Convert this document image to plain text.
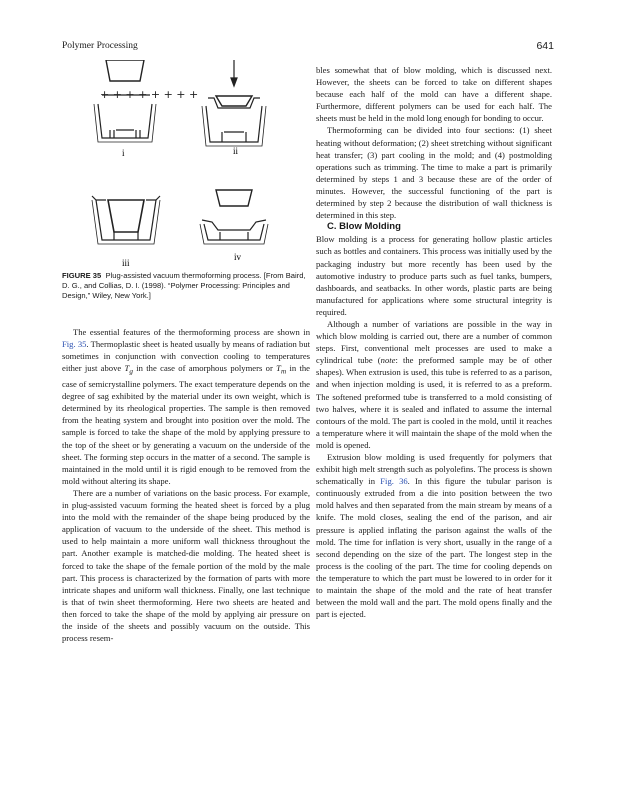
Polymer Processing	641
+ + + + + + + +
i	ii
iii
iv
FIGURE 35 Plug-assisted vacuum thermoforming process. [From Baird, D. G., and Collias, D. I. (1998). “Polymer Processing: Principles and Design,” Wiley, New York.]

The essential features of the thermoforming process are shown in Fig. 35. Thermoplastic sheet is heated usually by means of radiation but sometimes in conjunction with convection cooling to temperatures either just above $T_g$ in the case of amorphous polymers or $T_m$ in the case of semicrystalline polymers. The exact temperature depends on the degree of sag exhibited by the material under its own weight, which is determined by its rheological properties. The sample is then removed from the heating system and brought into position over the mold. The sample is forced to take the shape of the mold by applying pressure to the top of the sheet or by generating a vacuum on the underside of the sheet. The forming step occurs in the matter of a second. The sample is maintained in the mold until it is rigid enough to be removed from the mold without altering its shape.

There are a number of variations on the basic process. For example, in plug-assisted vacuum forming the heated sheet is forced by a plug into the mold with the remainder of the shape being produced by the application of vacuum to the underside of the sheet. This method is used to help maintain a more uniform wall thickness throughout the part. Another example is matched-die molding. The heated sheet is forced to take the shape of the female portion of the mold by the male part. This process is characterized by the formation of parts with more intricate shapes and uniform wall thickness. Finally, one last technique is that of twin sheet thermoforming. Here two sheets are heated and then forced to take the shape of the mold by applying air pressure on the inside of the sheets and possibly vacuum on the outside. This process resem-

bles somewhat that of blow molding, which is discussed next. However, the sheets can be forced to take on different shapes because each half of the mold can have a different shape. Furthermore, different polymers can be used for each half. The sheets must be held in the mold long enough for bonding to occur.

Thermoforming can be divided into four sections: (1) sheet heating without deformation; (2) sheet stretching without significant heat transfer; (3) part cooling in the mold; and (4) postmolding operations such as trimming. The time to make a part is primarily determined by steps 1 and 3 because these are of the order of minutes. However, the successful functioning of the part is determined by step 2 because the distribution of wall thickness is determined in this step.

C. Blow Molding

Blow molding is a process for generating hollow plastic articles such as bottles and containers. This process was initially used by the packaging industry but more recently has been used by the automotive industry to produce parts such as fuel tanks, bumpers, dashboards, and seatbacks. In other words, plastic parts are being manufactured for applications where some structural integrity is required.

Although a number of variations are possible in the way in which blow molding is carried out, there are a number of common steps. First, conventional melt processes are used to make a cylindrical tube (note: the preformed sample may be of other shapes). When extrusion is used, this tube is referred to as a parison, and when injection molding is used, it is referred to as a preform. The softened preformed tube is transferred to a mold consisting of two halves, where it is sealed and inflated to assume the internal contours of the mold. The part is cooled in the mold, until it reaches a temperature where it will maintain the shape of the mold when the mold is opened.

Extrusion blow molding is used frequently for polymers that exhibit high melt strength such as polyolefins. The process is shown schematically in Fig. 36. In this figure the tubular parison is continuously extruded from a die into position between the two mold halves and then separated from the main stream by means of a knife. The mold closes, sealing the end of the parison, and air pressure is applied inflating the parison against the walls of the mold. The time for inflation is very short, usually in the range of a second depending on the size of the part. The longest step in the process is the cooling of the part. The time for cooling depends on the temperature to which the part must be lowered to in order for it to maintain the shape of the mold and the rate of heat transfer between the mold wall and the part. The mold opens finally and the part is ejected.
